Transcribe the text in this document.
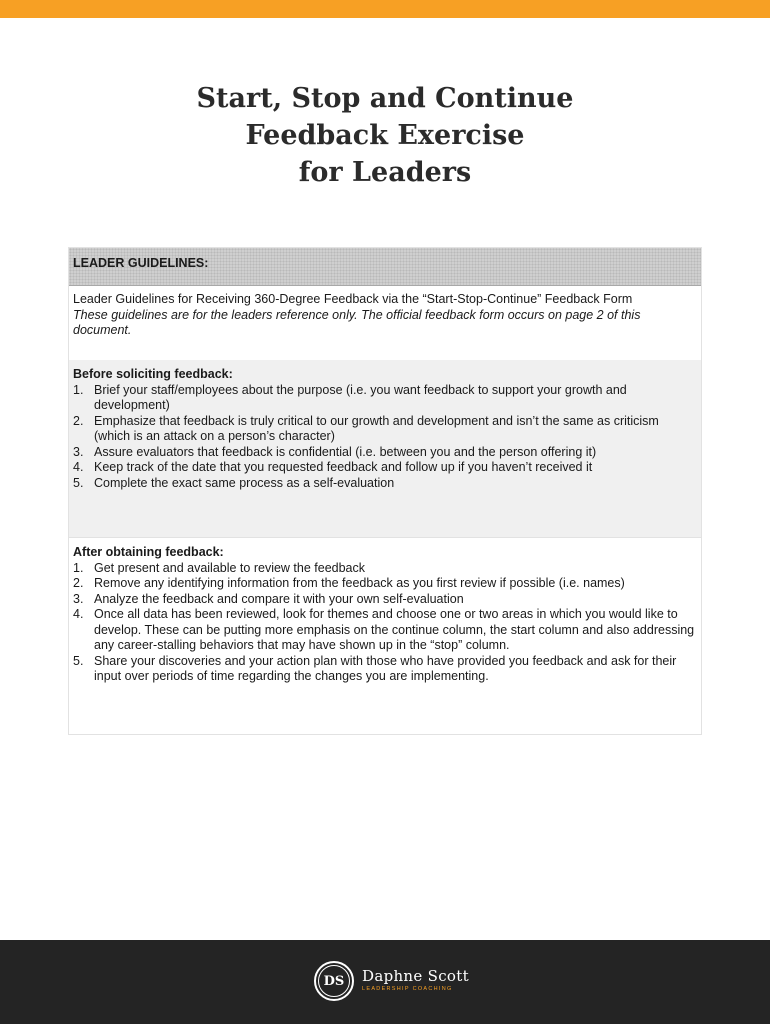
Start, Stop and Continue
Feedback Exercise
for Leaders
LEADER GUIDELINES:
Leader Guidelines for Receiving 360-Degree Feedback via the “Start-Stop-Continue” Feedback Form
These guidelines are for the leaders reference only. The official feedback form occurs on page 2 of this document.
Before soliciting feedback:
1. Brief your staff/employees about the purpose (i.e. you want feedback to support your growth and development)
2. Emphasize that feedback is truly critical to our growth and development and isn’t the same as criticism (which is an attack on a person’s character)
3. Assure evaluators that feedback is confidential (i.e. between you and the person offering it)
4. Keep track of the date that you requested feedback and follow up if you haven’t received it
5. Complete the exact same process as a self-evaluation
After obtaining feedback:
1. Get present and available to review the feedback
2. Remove any identifying information from the feedback as you first review if possible (i.e. names)
3. Analyze the feedback and compare it with your own self-evaluation
4. Once all data has been reviewed, look for themes and choose one or two areas in which you would like to develop. These can be putting more emphasis on the continue column, the start column and also addressing any career-stalling behaviors that may have shown up in the “stop” column.
5. Share your discoveries and your action plan with those who have provided you feedback and ask for their input over periods of time regarding the changes you are implementing.
DS	Daphne Scott
LEADERSHIP COACHING
